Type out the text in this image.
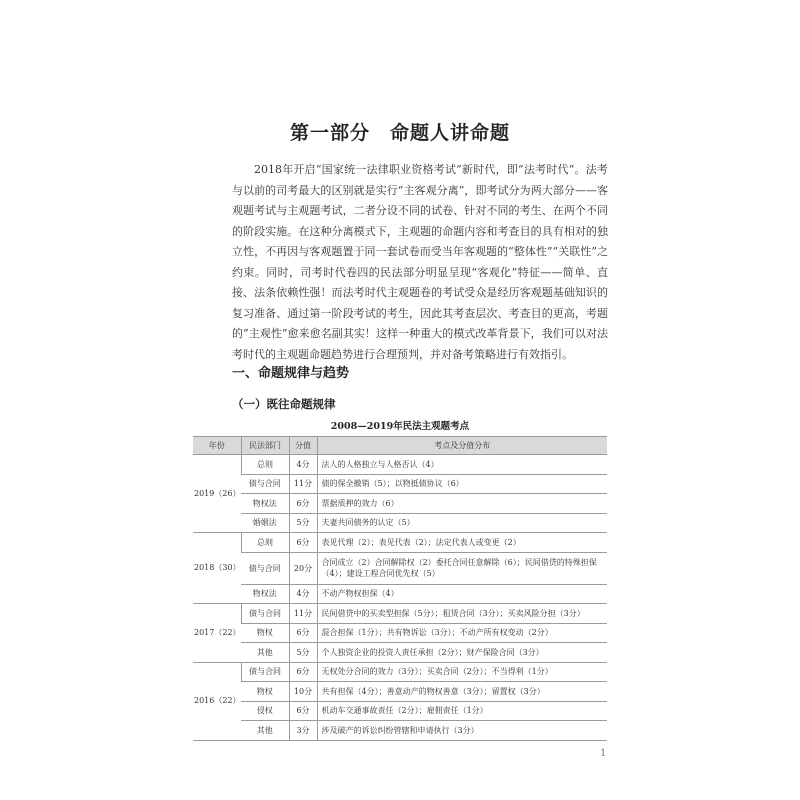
第一部分　命题人讲命题

2018年开启“国家统一法律职业资格考试”新时代，即“法考时代”。法考与以前的司考最大的区别就是实行“主客观分离”，即考试分为两大部分——客观题考试与主观题考试，二者分设不同的试卷、针对不同的考生、在两个不同的阶段实施。在这种分离模式下，主观题的命题内容和考查目的具有相对的独立性，不再因与客观题置于同一套试卷而受当年客观题的“整体性”“关联性”之约束。同时，司考时代卷四的民法部分明显呈现“客观化”特征——简单、直接、法条依赖性强！而法考时代主观题卷的考试受众是经历客观题基础知识的复习准备、通过第一阶段考试的考生，因此其考查层次、考查目的更高，考题的“主观性”愈来愈名副其实！这样一种重大的模式改革背景下，我们可以对法考时代的主观题命题趋势进行合理预判，并对备考策略进行有效指引。

一、命题规律与趋势
（一）既往命题规律
2008—2019年民法主观题考点
年份	民法部门	分值	考点及分值分布
2019（26）	总则	4分	法人的人格独立与人格否认（4）
	债与合同	11分	债的保全撤销（5）；以物抵债协议（6）
	物权法	6分	票据质押的效力（6）
	婚姻法	5分	夫妻共同债务的认定（5）
2018（30）	总则	6分	表见代理（2）；表见代表（2）；法定代表人或变更（2）
	债与合同	20分	合同成立（2）合同解除权（2）委托合同任意解除（6）；民间借贷的特殊担保（4）；建设工程合同优先权（5）
	物权法	4分	不动产物权担保（4）
2017（22）	债与合同	11分	民间借贷中的买卖型担保（5分）；租赁合同（3分）；买卖风险分担（3分）
	物权	6分	混合担保（1分）；共有物诉讼（3分）；不动产所有权变动（2分）
	其他	5分	个人独资企业的投资人责任承担（2分）；财产保险合同（3分）
2016（22）	债与合同	6分	无权处分合同的效力（3分）；买卖合同（2分）；不当得利（1分）
	物权	10分	共有担保（4分）；善意动产的物权善意（3分）；留置权（3分）
	侵权	6分	机动车交通事故责任（2分）；雇佣责任（1分）
	其他	3分	涉及破产的诉讼纠纷管辖和申请执行（3分）
1
